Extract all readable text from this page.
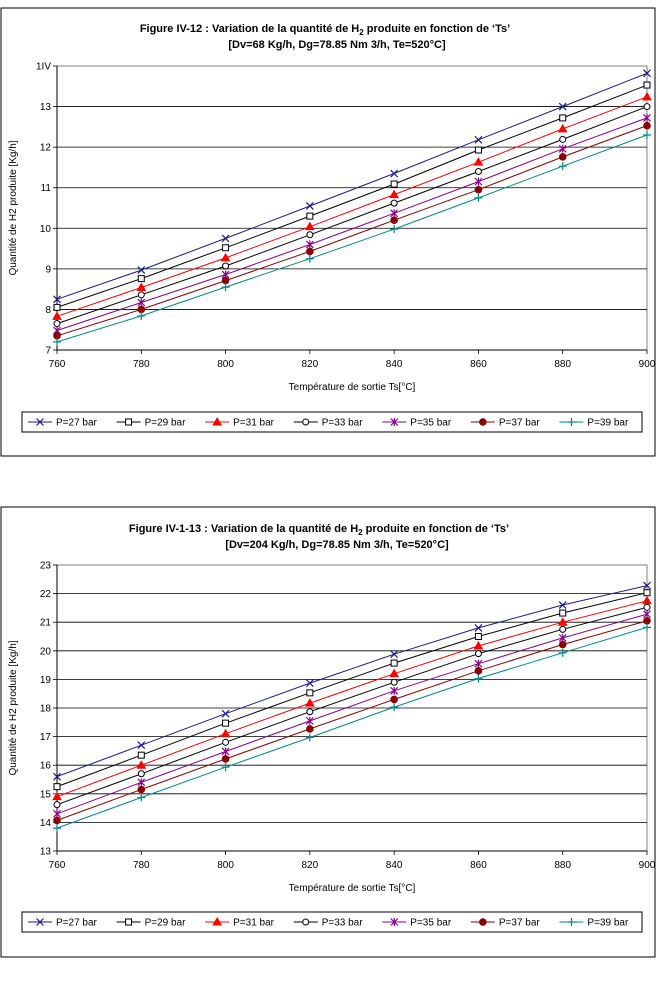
Figure IV-12 : Variation de la quantité de $H_2$ produite en fonction de ‘Ts’
[Dv=68 Kg/h, Dg=78.85 Nm 3/h, Te=520°C]
7
8
9
10
11
12
13
1IV
760	780	800	820	840	860	880	900
Température de sortie Ts[°C]
Quantité de H2 produite [Kg/h]
P=27 bar	P=29 bar	P=31 bar	P=33 bar	P=35 bar	P=37 bar	P=39 bar
Figure IV-1-13 : Variation de la quantité de $H_2$ produite en fonction de ‘Ts’
[Dv=204 Kg/h, Dg=78.85 Nm 3/h, Te=520°C]
13
14
15
16
17
18
19
20
21
22
23
760	780	800	820	840	860	880	900
Température de sortie Ts[°C]
Quantité de H2 produite [Kg/h]
P=27 bar	P=29 bar	P=31 bar	P=33 bar	P=35 bar	P=37 bar	P=39 bar
